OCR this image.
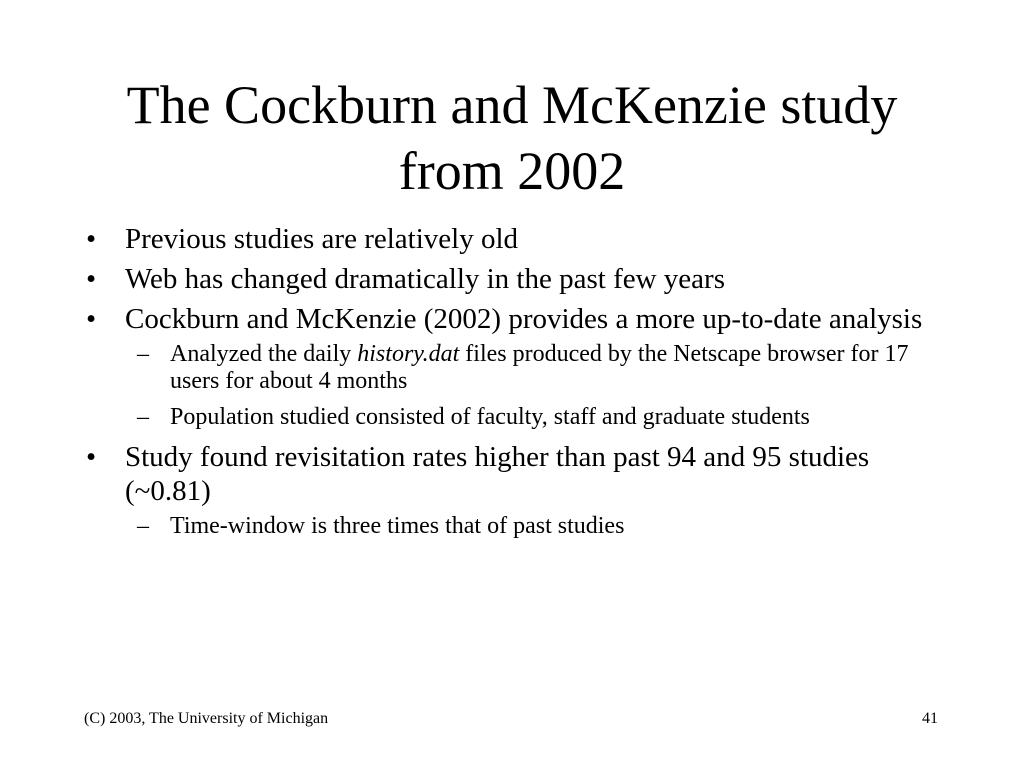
The Cockburn and McKenzie study
from 2002
• Previous studies are relatively old
• Web has changed dramatically in the past few years
• Cockburn and McKenzie (2002) provides a more up-to-date analysis
– Analyzed the daily history.dat files produced by the Netscape browser for 17 users for about 4 months
– Population studied consisted of faculty, staff and graduate students
• Study found revisitation rates higher than past 94 and 95 studies (~0.81)
– Time-window is three times that of past studies
(C) 2003, The University of Michigan	41
